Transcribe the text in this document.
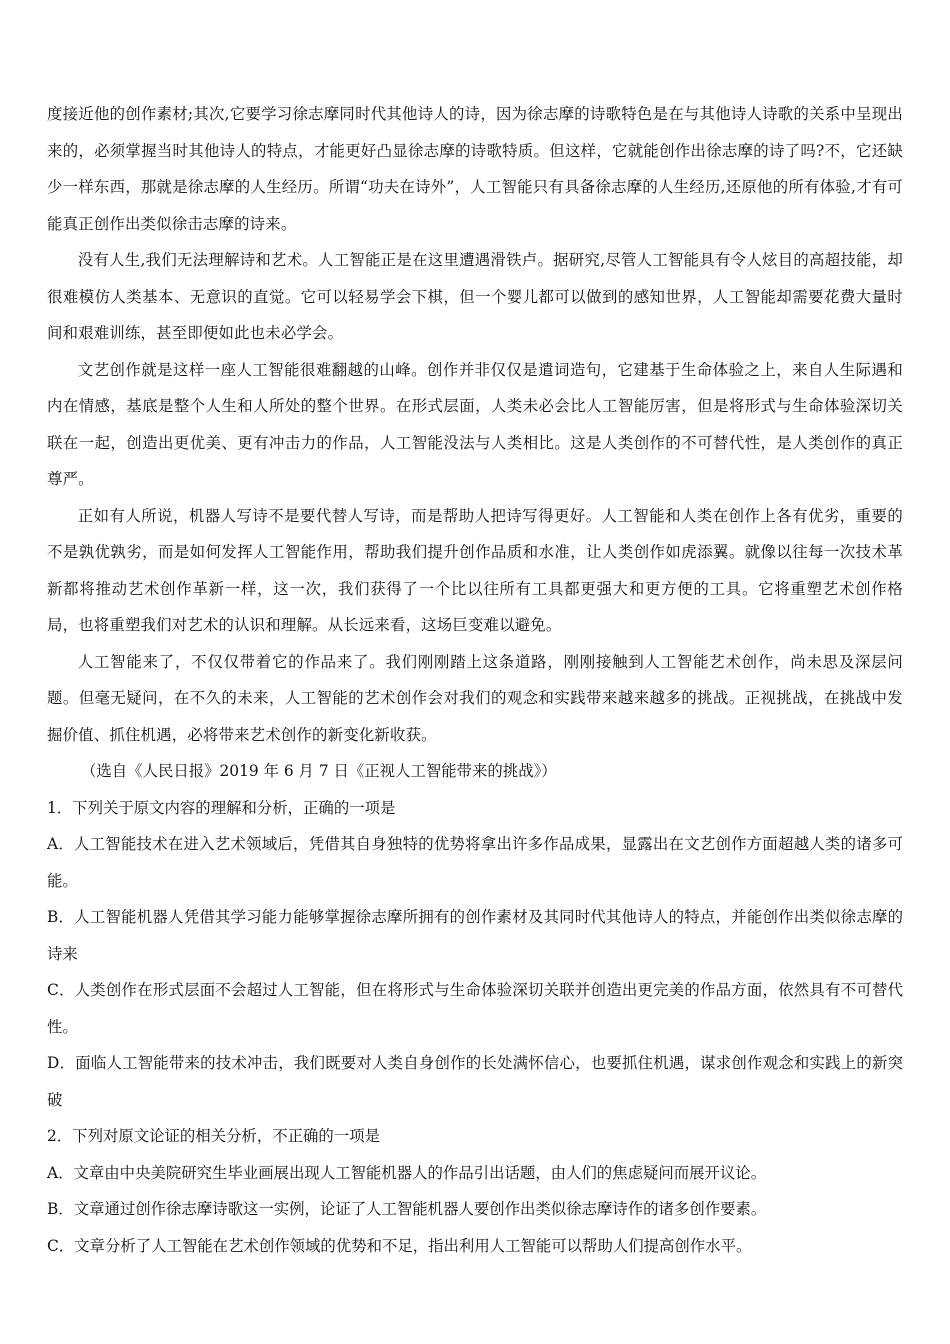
度接近他的创作素材;其次,它要学习徐志摩同时代其他诗人的诗，因为徐志摩的诗歌特色是在与其他诗人诗歌的关系中呈现出来的，必须掌握当时其他诗人的特点，才能更好凸显徐志摩的诗歌特质。但这样，它就能创作出徐志摩的诗了吗?不，它还缺少一样东西，那就是徐志摩的人生经历。所谓“功夫在诗外”，人工智能只有具备徐志摩的人生经历,还原他的所有体验,才有可能真正创作出类似徐击志摩的诗来。

没有人生,我们无法理解诗和艺术。人工智能正是在这里遭遇滑铁卢。据研究,尽管人工智能具有令人炫目的高超技能，却很难模仿人类基本、无意识的直觉。它可以轻易学会下棋，但一个婴儿都可以做到的感知世界，人工智能却需要花费大量时间和艰难训练，甚至即便如此也未必学会。

文艺创作就是这样一座人工智能很难翻越的山峰。创作并非仅仅是遣词造句，它建基于生命体验之上，来自人生际遇和内在情感，基底是整个人生和人所处的整个世界。在形式层面，人类未必会比人工智能厉害，但是将形式与生命体验深切关联在一起，创造出更优美、更有冲击力的作品，人工智能没法与人类相比。这是人类创作的不可替代性，是人类创作的真正尊严。

正如有人所说，机器人写诗不是要代替人写诗，而是帮助人把诗写得更好。人工智能和人类在创作上各有优劣，重要的不是孰优孰劣，而是如何发挥人工智能作用，帮助我们提升创作品质和水准，让人类创作如虎添翼。就像以往每一次技术革新都将推动艺术创作革新一样，这一次，我们获得了一个比以往所有工具都更强大和更方便的工具。它将重塑艺术创作格局，也将重塑我们对艺术的认识和理解。从长远来看，这场巨变难以避免。

人工智能来了，不仅仅带着它的作品来了。我们刚刚踏上这条道路，刚刚接触到人工智能艺术创作，尚未思及深层问题。但毫无疑问，在不久的未来，人工智能的艺术创作会对我们的观念和实践带来越来越多的挑战。正视挑战，在挑战中发掘价值、抓住机遇，必将带来艺术创作的新变化新收获。

（选自《人民日报》2019 年 6 月 7 日《正视人工智能带来的挑战》）

1．下列关于原文内容的理解和分析，正确的一项是

A．人工智能技术在进入艺术领域后，凭借其自身独特的优势将拿出许多作品成果，显露出在文艺创作方面超越人类的诸多可能。

B．人工智能机器人凭借其学习能力能够掌握徐志摩所拥有的创作素材及其同时代其他诗人的特点，并能创作出类似徐志摩的诗来

C．人类创作在形式层面不会超过人工智能，但在将形式与生命体验深切关联并创造出更完美的作品方面，依然具有不可替代性。

D．面临人工智能带来的技术冲击，我们既要对人类自身创作的长处满怀信心，也要抓住机遇，谋求创作观念和实践上的新突破

2．下列对原文论证的相关分析，不正确的一项是

A．文章由中央美院研究生毕业画展出现人工智能机器人的作品引出话题，由人们的焦虑疑问而展开议论。

B．文章通过创作徐志摩诗歌这一实例，论证了人工智能机器人要创作出类似徐志摩诗作的诸多创作要素。

C．文章分析了人工智能在艺术创作领域的优势和不足，指出利用人工智能可以帮助人们提高创作水平。
